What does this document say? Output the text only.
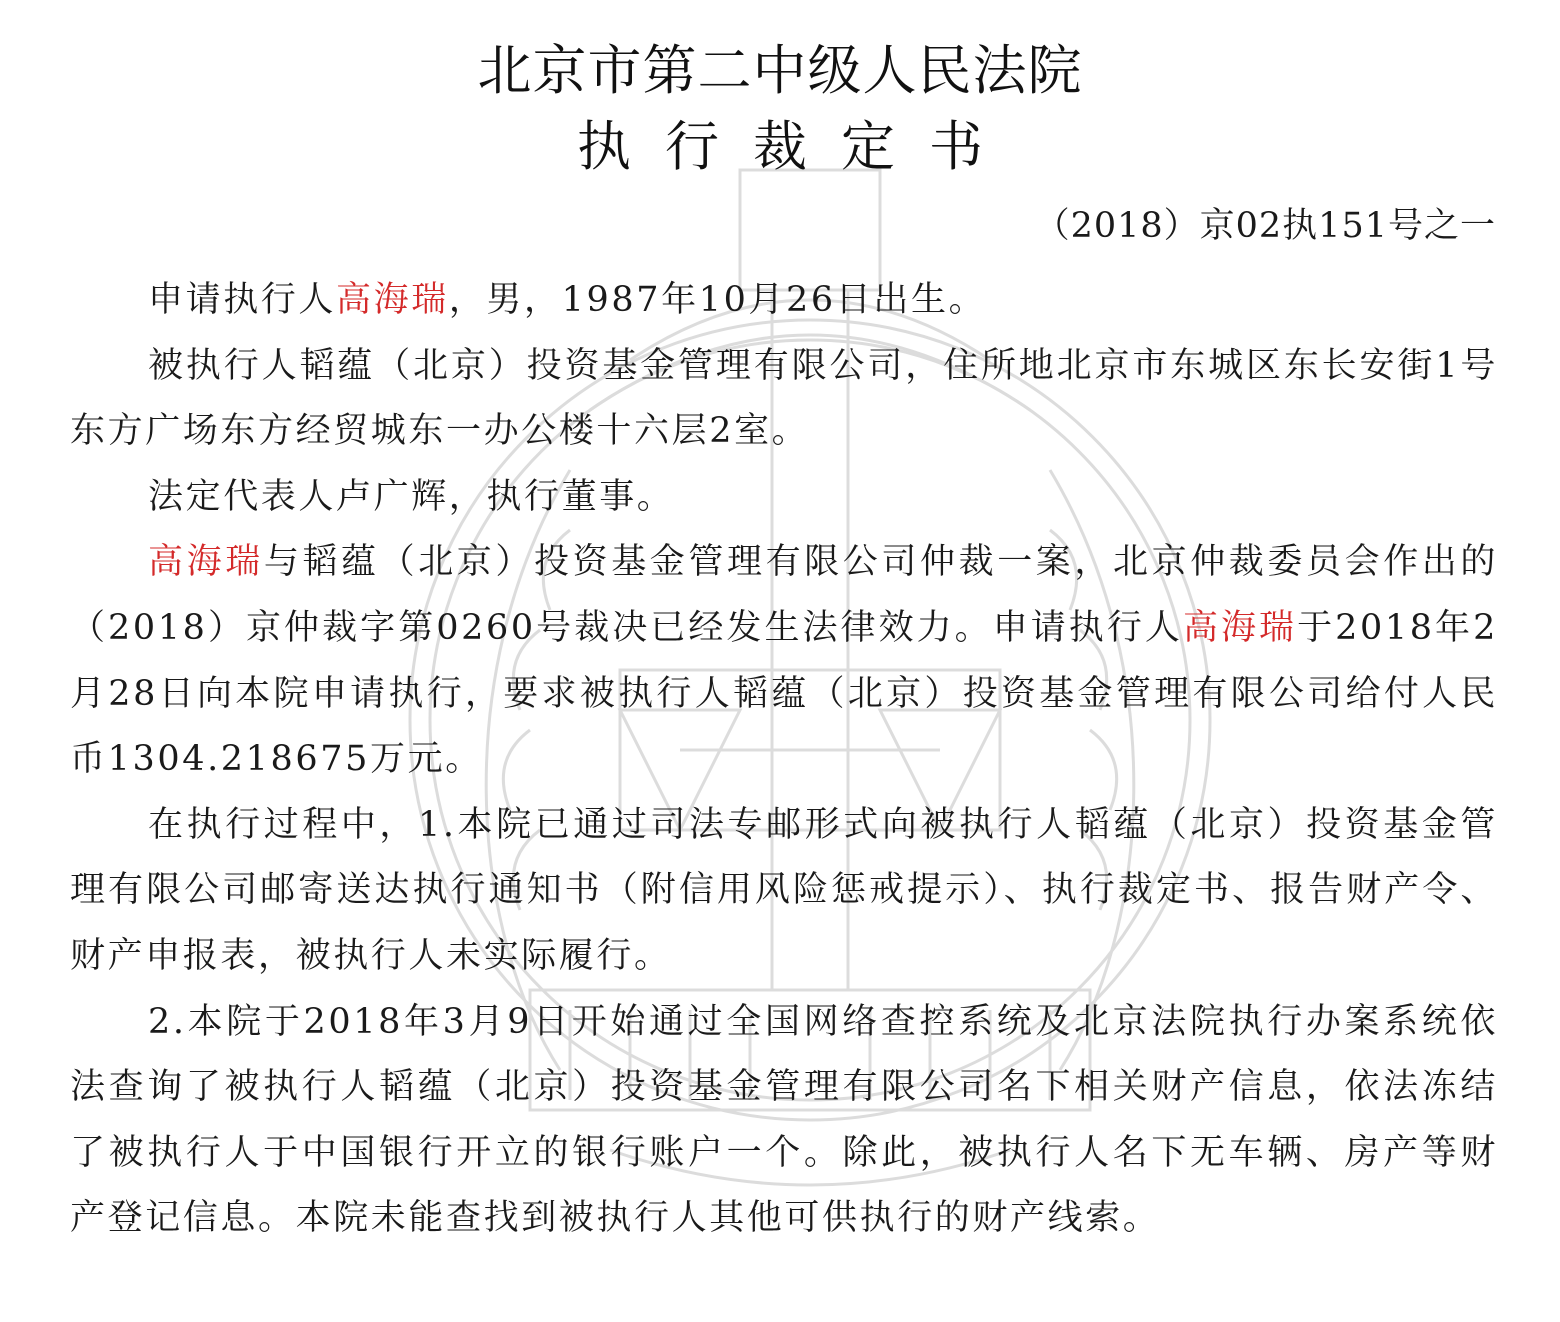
北京市第二中级人民法院
执行裁定书
（2018）京02执151号之一

申请执行人高海瑞，男，1987年10月26日出生。

被执行人韬蕴（北京）投资基金管理有限公司，住所地北京市东城区东长安街1号东方广场东方经贸城东一办公楼十六层2室。

法定代表人卢广辉，执行董事。

高海瑞与韬蕴（北京）投资基金管理有限公司仲裁一案，北京仲裁委员会作出的（2018）京仲裁字第0260号裁决已经发生法律效力。申请执行人高海瑞于2018年2月28日向本院申请执行，要求被执行人韬蕴（北京）投资基金管理有限公司给付人民币1304.218675万元。

在执行过程中，1.本院已通过司法专邮形式向被执行人韬蕴（北京）投资基金管理有限公司邮寄送达执行通知书（附信用风险惩戒提示）、执行裁定书、报告财产令、财产申报表，被执行人未实际履行。

2.本院于2018年3月9日开始通过全国网络查控系统及北京法院执行办案系统依法查询了被执行人韬蕴（北京）投资基金管理有限公司名下相关财产信息，依法冻结了被执行人于中国银行开立的银行账户一个。除此，被执行人名下无车辆、房产等财产登记信息。本院未能查找到被执行人其他可供执行的财产线索。
